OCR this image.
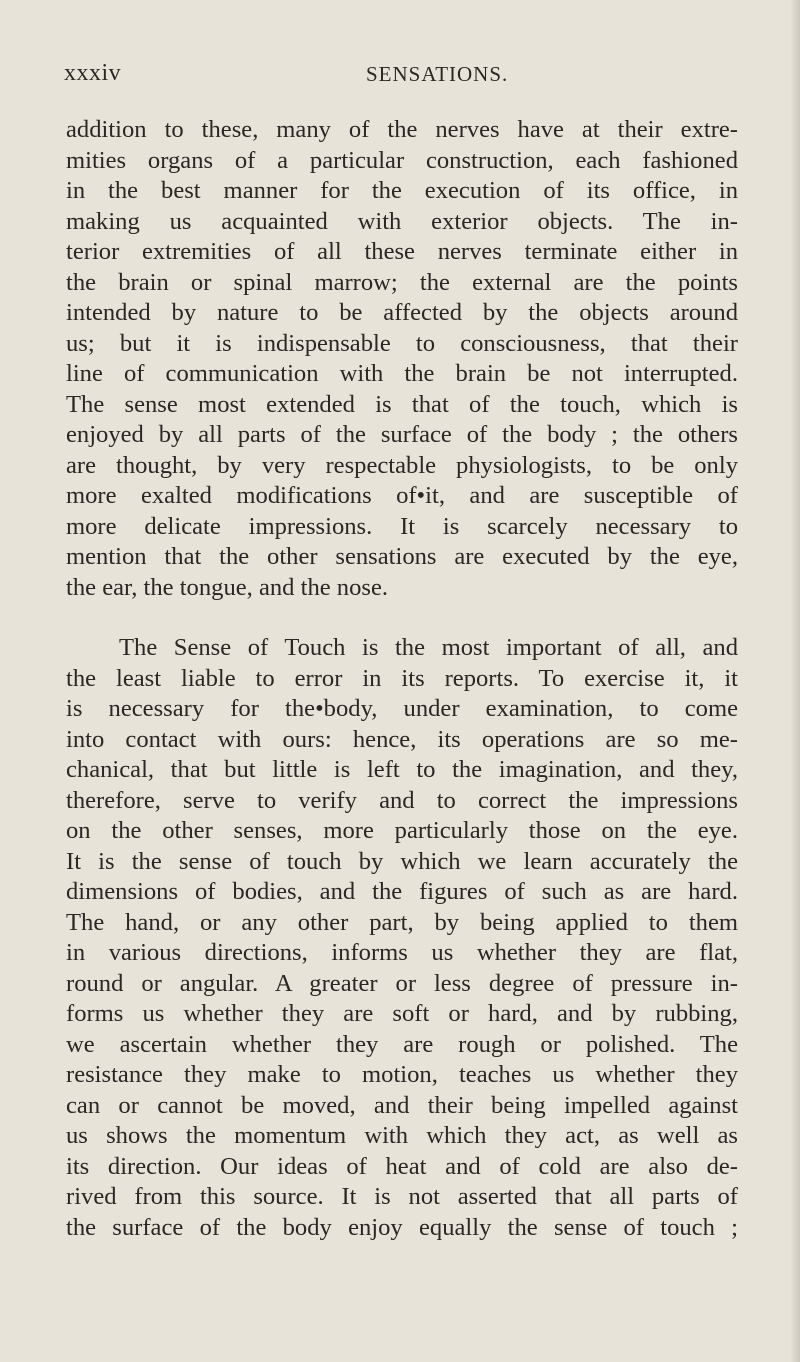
xxxiv	SENSATIONS.
addition to these, many of the nerves have at their extre-
mities organs of a particular construction, each fashioned
in the best manner for the execution of its office, in
making us acquainted with exterior objects. The in-
terior extremities of all these nerves terminate either in
the brain or spinal marrow; the external are the points
intended by nature to be affected by the objects around
us; but it is indispensable to consciousness, that their
line of communication with the brain be not interrupted.
The sense most extended is that of the touch, which is
enjoyed by all parts of the surface of the body ; the others
are thought, by very respectable physiologists, to be only
more exalted modifications of•it, and are susceptible of
more delicate impressions. It is scarcely necessary to
mention that the other sensations are executed by the eye,
the ear, the tongue, and the nose.
The Sense of Touch is the most important of all, and
the least liable to error in its reports. To exercise it, it
is necessary for the•body, under examination, to come
into contact with ours: hence, its operations are so me-
chanical, that but little is left to the imagination, and they,
therefore, serve to verify and to correct the impressions
on the other senses, more particularly those on the eye.
It is the sense of touch by which we learn accurately the
dimensions of bodies, and the figures of such as are hard.
The hand, or any other part, by being applied to them
in various directions, informs us whether they are flat,
round or angular. A greater or less degree of pressure in-
forms us whether they are soft or hard, and by rubbing,
we ascertain whether they are rough or polished. The
resistance they make to motion, teaches us whether they
can or cannot be moved, and their being impelled against
us shows the momentum with which they act, as well as
its direction. Our ideas of heat and of cold are also de-
rived from this source. It is not asserted that all parts of
the surface of the body enjoy equally the sense of touch ;
